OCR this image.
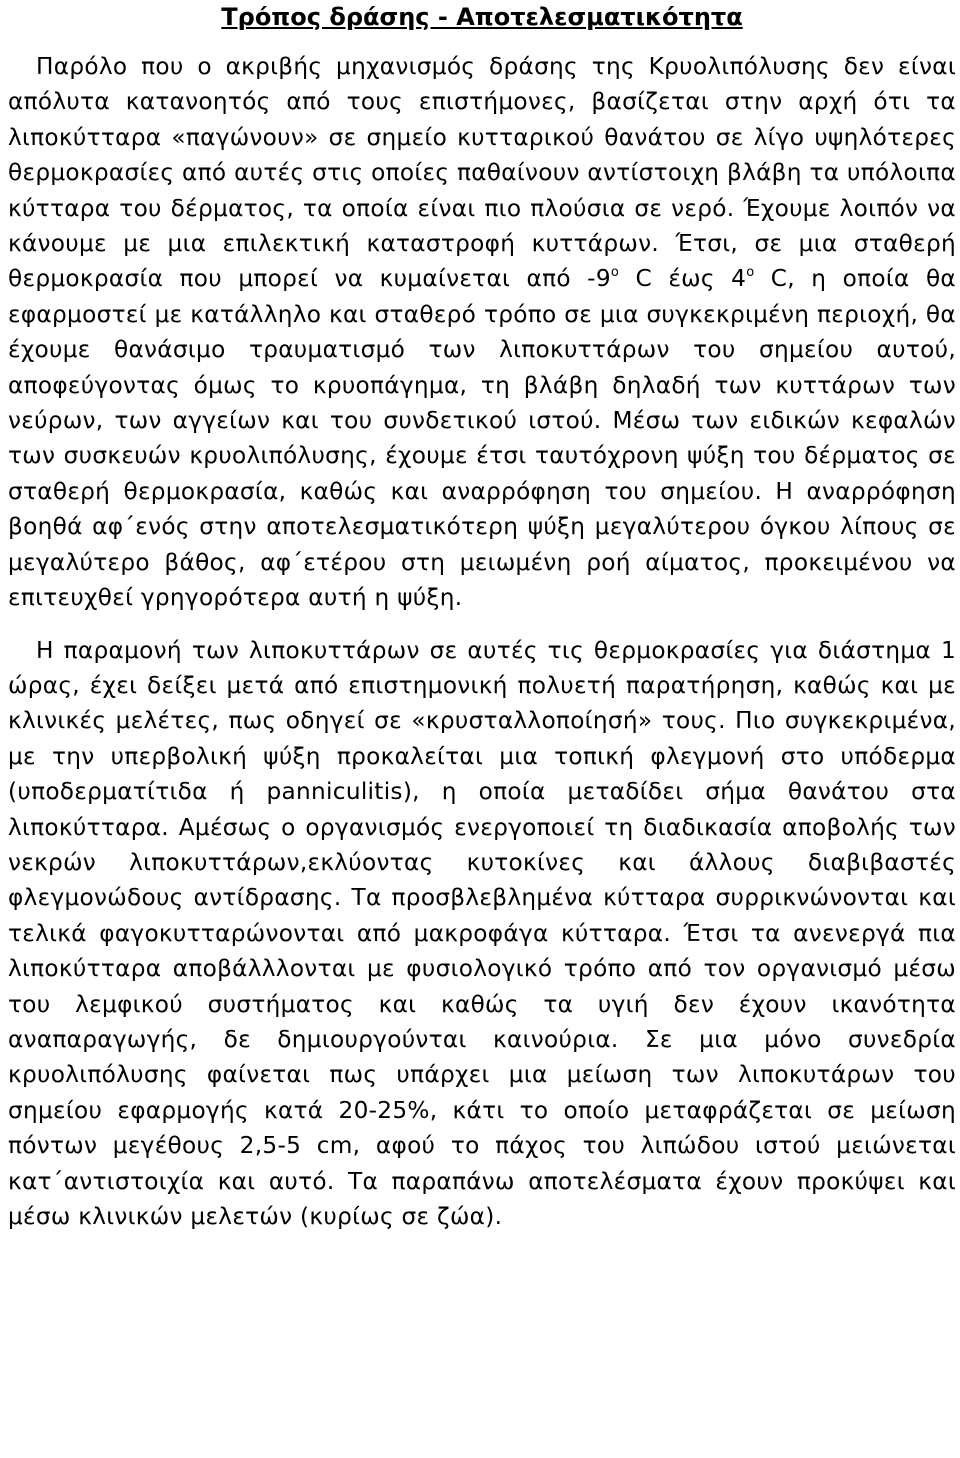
Τρόπος δράσης - Αποτελεσματικότητα

Παρόλο που ο ακριβής μηχανισμός δράσης της Κρυολιπόλυσης δεν είναι απόλυτα κατανοητός από τους επιστήμονες, βασίζεται στην αρχή ότι τα λιποκύτταρα «παγώνουν» σε σημείο κυτταρικού θανάτου σε λίγο υψηλότερες θερμοκρασίες από αυτές στις οποίες παθαίνουν αντίστοιχη βλάβη τα υπόλοιπα κύτταρα του δέρματος, τα οποία είναι πιο πλούσια σε νερό. Έχουμε λοιπόν να κάνουμε με μια επιλεκτική καταστροφή κυττάρων. Έτσι, σε μια σταθερή θερμοκρασία που μπορεί να κυμαίνεται από $-9^o$ C έως $4^o$ C, η οποία θα εφαρμοστεί με κατάλληλο και σταθερό τρόπο σε μια συγκεκριμένη περιοχή, θα έχουμε θανάσιμο τραυματισμό των λιποκυττάρων του σημείου αυτού, αποφεύγοντας όμως το κρυοπάγημα, τη βλάβη δηλαδή των κυττάρων των νεύρων, των αγγείων και του συνδετικού ιστού. Μέσω των ειδικών κεφαλών των συσκευών κρυολιπόλυσης, έχουμε έτσι ταυτόχρονη ψύξη του δέρματος σε σταθερή θερμοκρασία, καθώς και αναρρόφηση του σημείου. Η αναρρόφηση βοηθά αφ΄ενός στην αποτελεσματικότερη ψύξη μεγαλύτερου όγκου λίπους σε μεγαλύτερο βάθος, αφ΄ετέρου στη μειωμένη ροή αίματος, προκειμένου να επιτευχθεί γρηγορότερα αυτή η ψύξη.

Η παραμονή των λιποκυττάρων σε αυτές τις θερμοκρασίες για διάστημα 1 ώρας, έχει δείξει μετά από επιστημονική πολυετή παρατήρηση, καθώς και με κλινικές μελέτες, πως οδηγεί σε «κρυσταλλοποίησή» τους. Πιο συγκεκριμένα, με την υπερβολική ψύξη προκαλείται μια τοπική φλεγμονή στο υπόδερμα (υποδερματίτιδα ή panniculitis), η οποία μεταδίδει σήμα θανάτου στα λιποκύτταρα. Αμέσως ο οργανισμός ενεργοποιεί τη διαδικασία αποβολής των νεκρών λιποκυττάρων,εκλύοντας κυτοκίνες και άλλους διαβιβαστές φλεγμονώδους αντίδρασης. Τα προσβλεβλημένα κύτταρα συρρικνώνονται και τελικά φαγοκυτταρώνονται από μακροφάγα κύτταρα. Έτσι τα ανενεργά πια λιποκύτταρα αποβάλλλονται με φυσιολογικό τρόπο από τον οργανισμό μέσω του λεμφικού συστήματος και καθώς τα υγιή δεν έχουν ικανότητα αναπαραγωγής, δε δημιουργούνται καινούρια. Σε μια μόνο συνεδρία κρυολιπόλυσης φαίνεται πως υπάρχει μια μείωση των λιποκυτάρων του σημείου εφαρμογής κατά 20-25%, κάτι το οποίο μεταφράζεται σε μείωση πόντων μεγέθους 2,5-5 cm, αφού το πάχος του λιπώδου ιστού μειώνεται κατ΄αντιστοιχία και αυτό. Τα παραπάνω αποτελέσματα έχουν προκύψει και μέσω κλινικών μελετών (κυρίως σε ζώα).
